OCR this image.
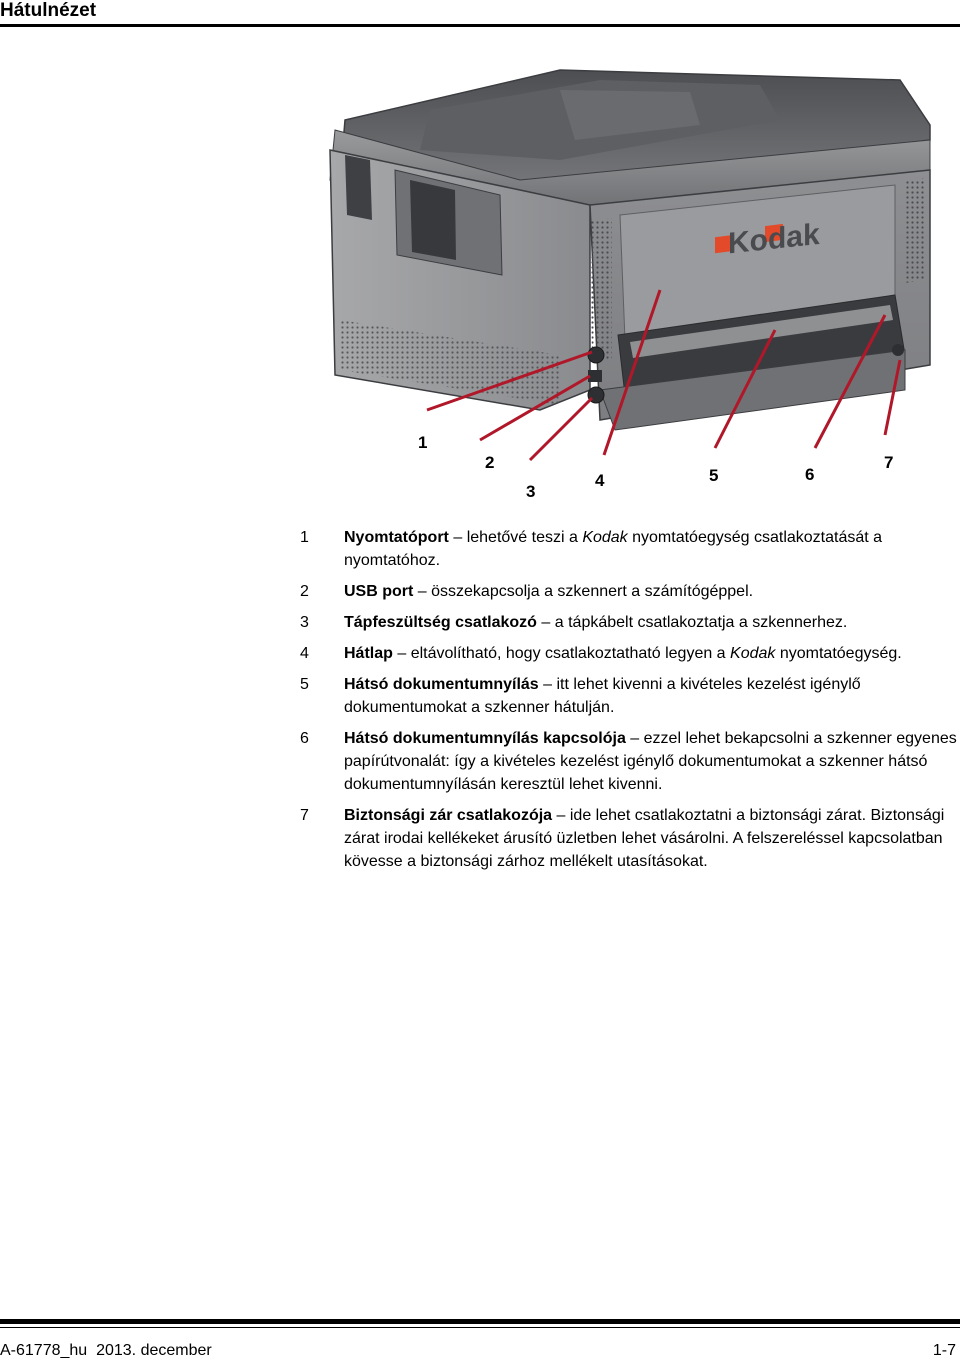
Hátulnézet
Kodak
1
2
3
4	5	6
7
1 Nyomtatóport – lehetővé teszi a Kodak nyomtatóegység csatlakoztatását a nyomtatóhoz.
2 USB port – összekapcsolja a szkennert a számítógéppel.
3 Tápfeszültség csatlakozó – a tápkábelt csatlakoztatja a szkennerhez.
4 Hátlap – eltávolítható, hogy csatlakoztatható legyen a Kodak nyomtatóegység.
5 Hátsó dokumentumnyílás – itt lehet kivenni a kivételes kezelést igénylő dokumentumokat a szkenner hátulján.
6 Hátsó dokumentumnyílás kapcsolója – ezzel lehet bekapcsolni a szkenner egyenes papírútvonalát: így a kivételes kezelést igénylő dokumentumokat a szkenner hátsó dokumentumnyílásán keresztül lehet kivenni.
7 Biztonsági zár csatlakozója – ide lehet csatlakoztatni a biztonsági zárat. Biztonsági zárat irodai kellékeket árusító üzletben lehet vásárolni. A felszereléssel kapcsolatban kövesse a biztonsági zárhoz mellékelt utasításokat.
A-61778_hu  2013. december	1-7
